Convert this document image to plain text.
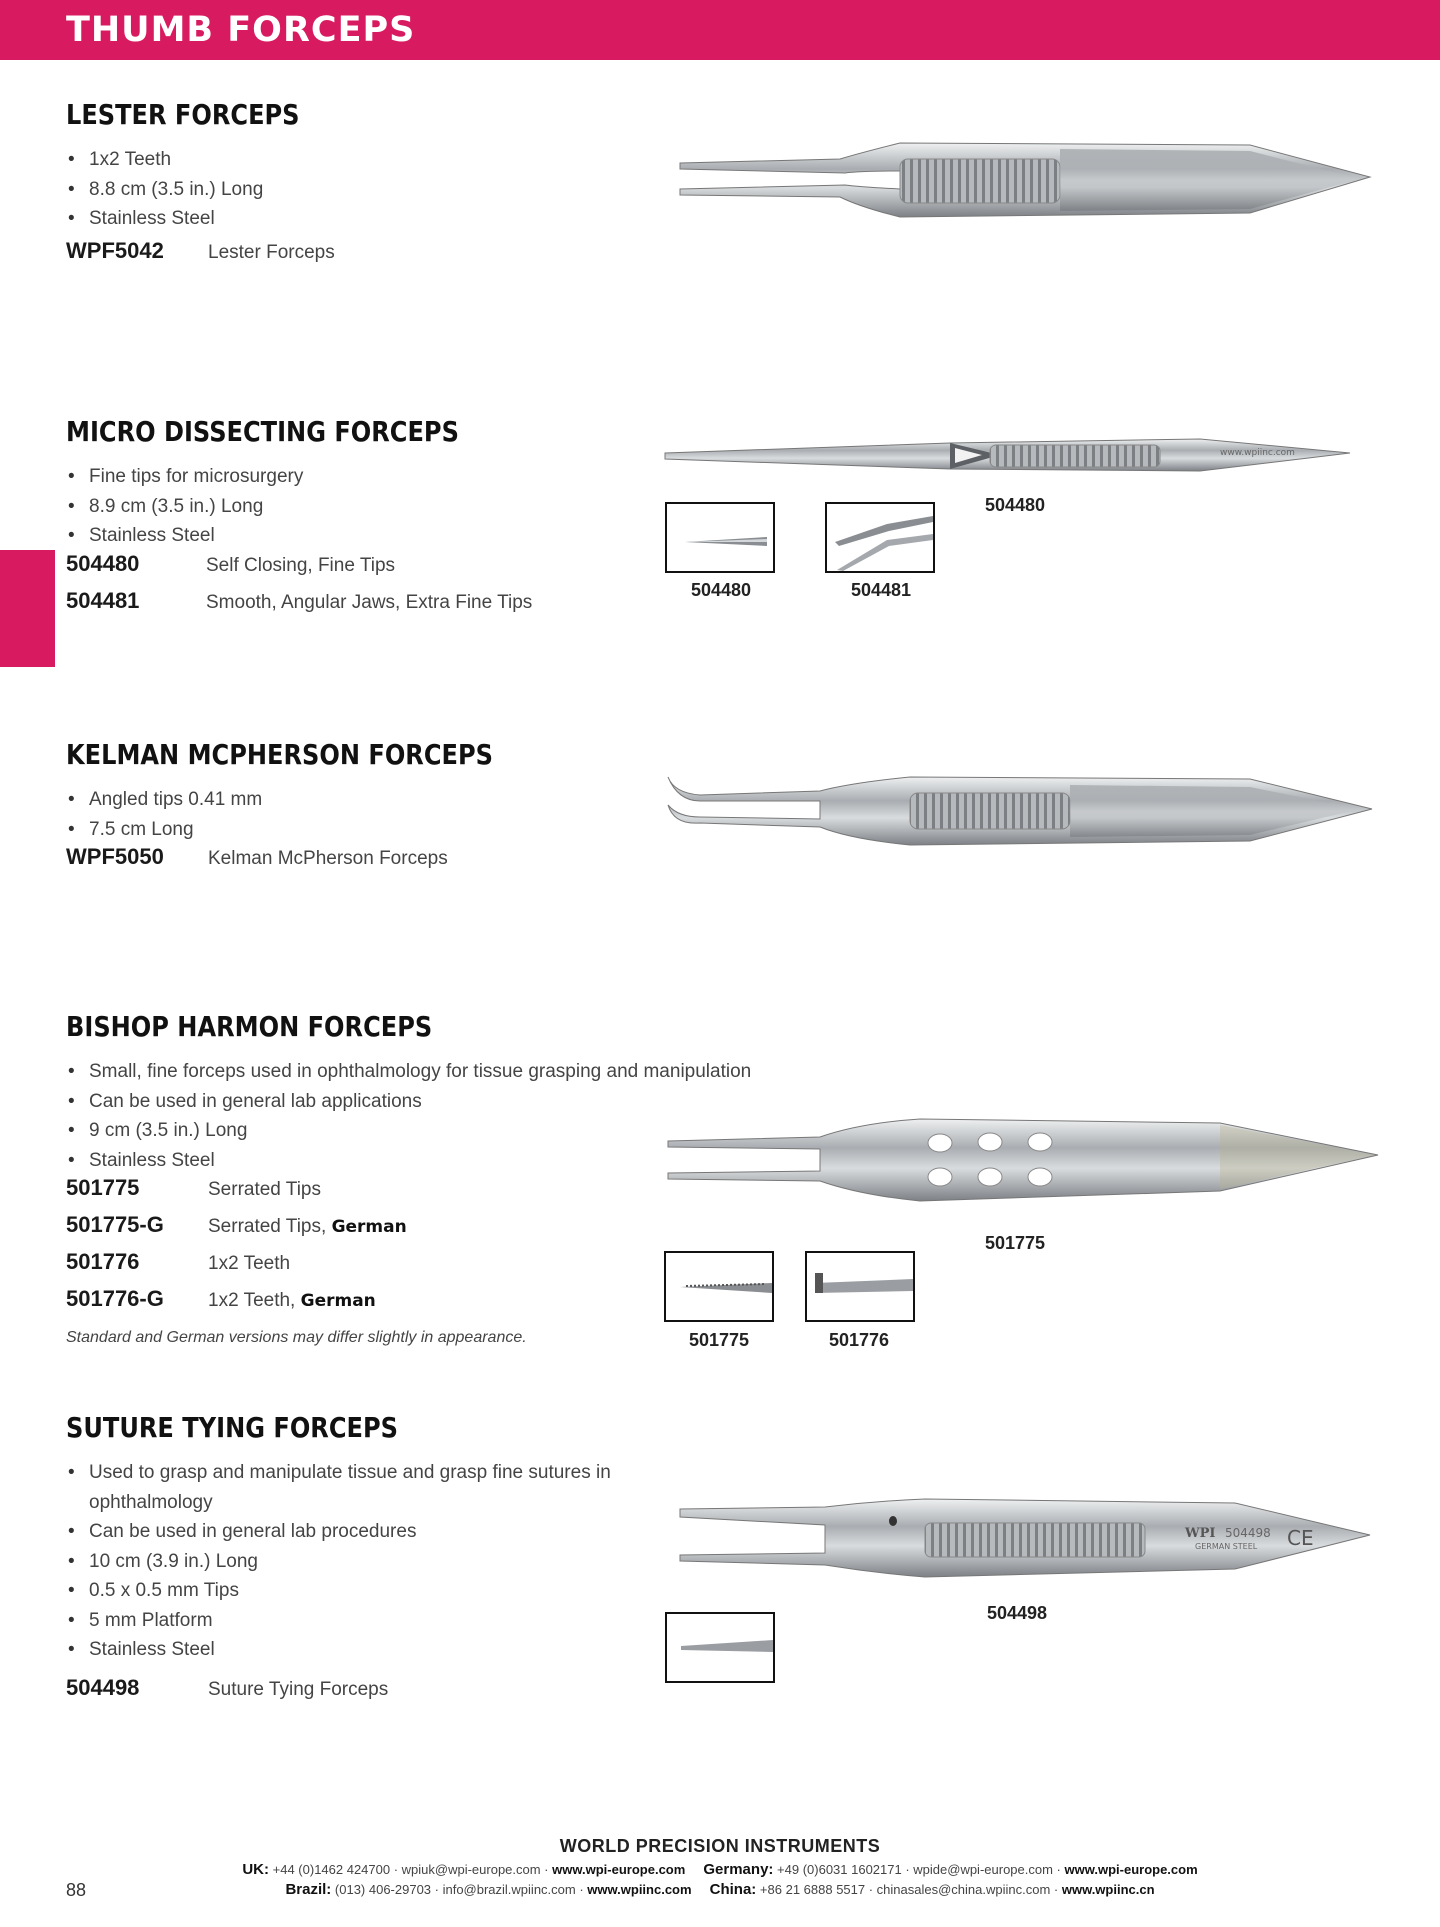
THUMB FORCEPS
LESTER FORCEPS
• 1x2 Teeth
• 8.8 cm (3.5 in.) Long
• Stainless Steel
WPF5042	Lester Forceps
MICRO DISSECTING FORCEPS
• Fine tips for microsurgery
• 8.9 cm (3.5 in.) Long
• Stainless Steel
504480	Self Closing, Fine Tips
504481	Smooth, Angular Jaws, Extra Fine Tips
www.wpiinc.com
504480
504480	504481
KELMAN MCPHERSON FORCEPS
• Angled tips 0.41 mm
• 7.5 cm Long
WPF5050	Kelman McPherson Forceps
BISHOP HARMON FORCEPS
• Small, fine forceps used in ophthalmology for tissue grasping and manipulation
• Can be used in general lab applications
• 9 cm (3.5 in.) Long
• Stainless Steel
501775	Serrated Tips
501775-G	Serrated Tips, German
501776	1x2 Teeth
501776-G	1x2 Teeth, German
Standard and German versions may differ slightly in appearance.
501775
501775	501776
SUTURE TYING FORCEPS
• Used to grasp and manipulate tissue and grasp fine sutures in ophthalmology
• Can be used in general lab procedures
• 10 cm (3.9 in.) Long
• 0.5 x 0.5 mm Tips
• 5 mm Platform
• Stainless Steel
504498	Suture Tying Forceps
WPI 504498
GERMAN STEEL CE
504498
WORLD PRECISION INSTRUMENTS
UK: +44 (0)1462 424700 · wpiuk@wpi-europe.com · www.wpi-europe.com Germany: +49 (0)6031 1602171 · wpide@wpi-europe.com · www.wpi-europe.com
Brazil: (013) 406-29703 · info@brazil.wpiinc.com · www.wpiinc.com China: +86 21 6888 5517 · chinasales@china.wpiinc.com · www.wpiinc.cn
88
